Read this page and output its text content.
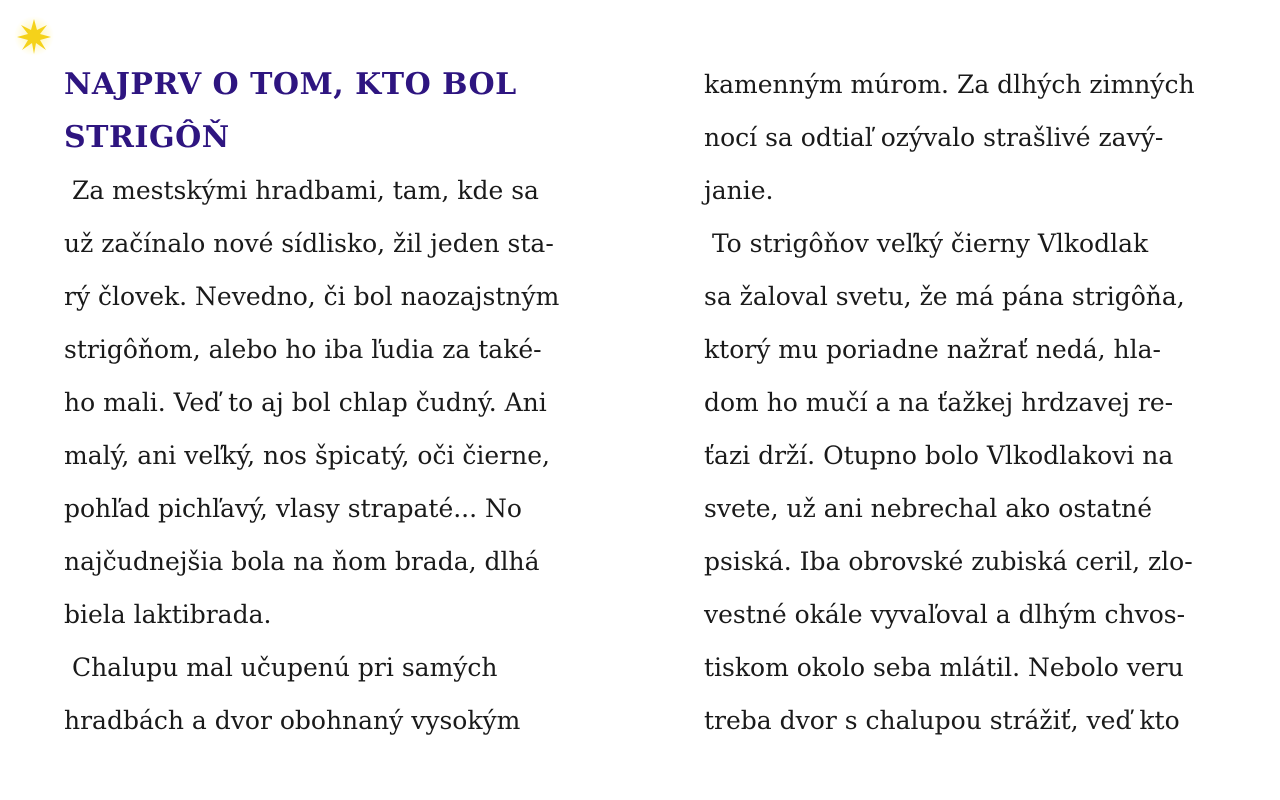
NAJPRV O TOM, KTO BOL
STRIGÔŇ
Za mestskými hradbami, tam, kde sa
už začínalo nové sídlisko, žil jeden sta-
rý človek. Nevedno, či bol naozajstným
strigôňom, alebo ho iba ľudia za také-
ho mali. Veď to aj bol chlap čudný. Ani
malý, ani veľký, nos špicatý, oči čierne,
pohľad pichľavý, vlasy strapaté... No
najčudnejšia bola na ňom brada, dlhá
biela laktibrada.
Chalupu mal učupenú pri samých
hradbách a dvor obohnaný vysokým
kamenným múrom. Za dlhých zimných
nocí sa odtiaľ ozývalo strašlivé zavý-
janie.
To strigôňov veľký čierny Vlkodlak
sa žaloval svetu, že má pána strigôňa,
ktorý mu poriadne nažrať nedá, hla-
dom ho mučí a na ťažkej hrdzavej re-
ťazi drží. Otupno bolo Vlkodlakovi na
svete, už ani nebrechal ako ostatné
psiská. Iba obrovské zubiská ceril, zlo-
vestné okále vyvaľoval a dlhým chvos-
tiskom okolo seba mlátil. Nebolo veru
treba dvor s chalupou strážiť, veď kto
